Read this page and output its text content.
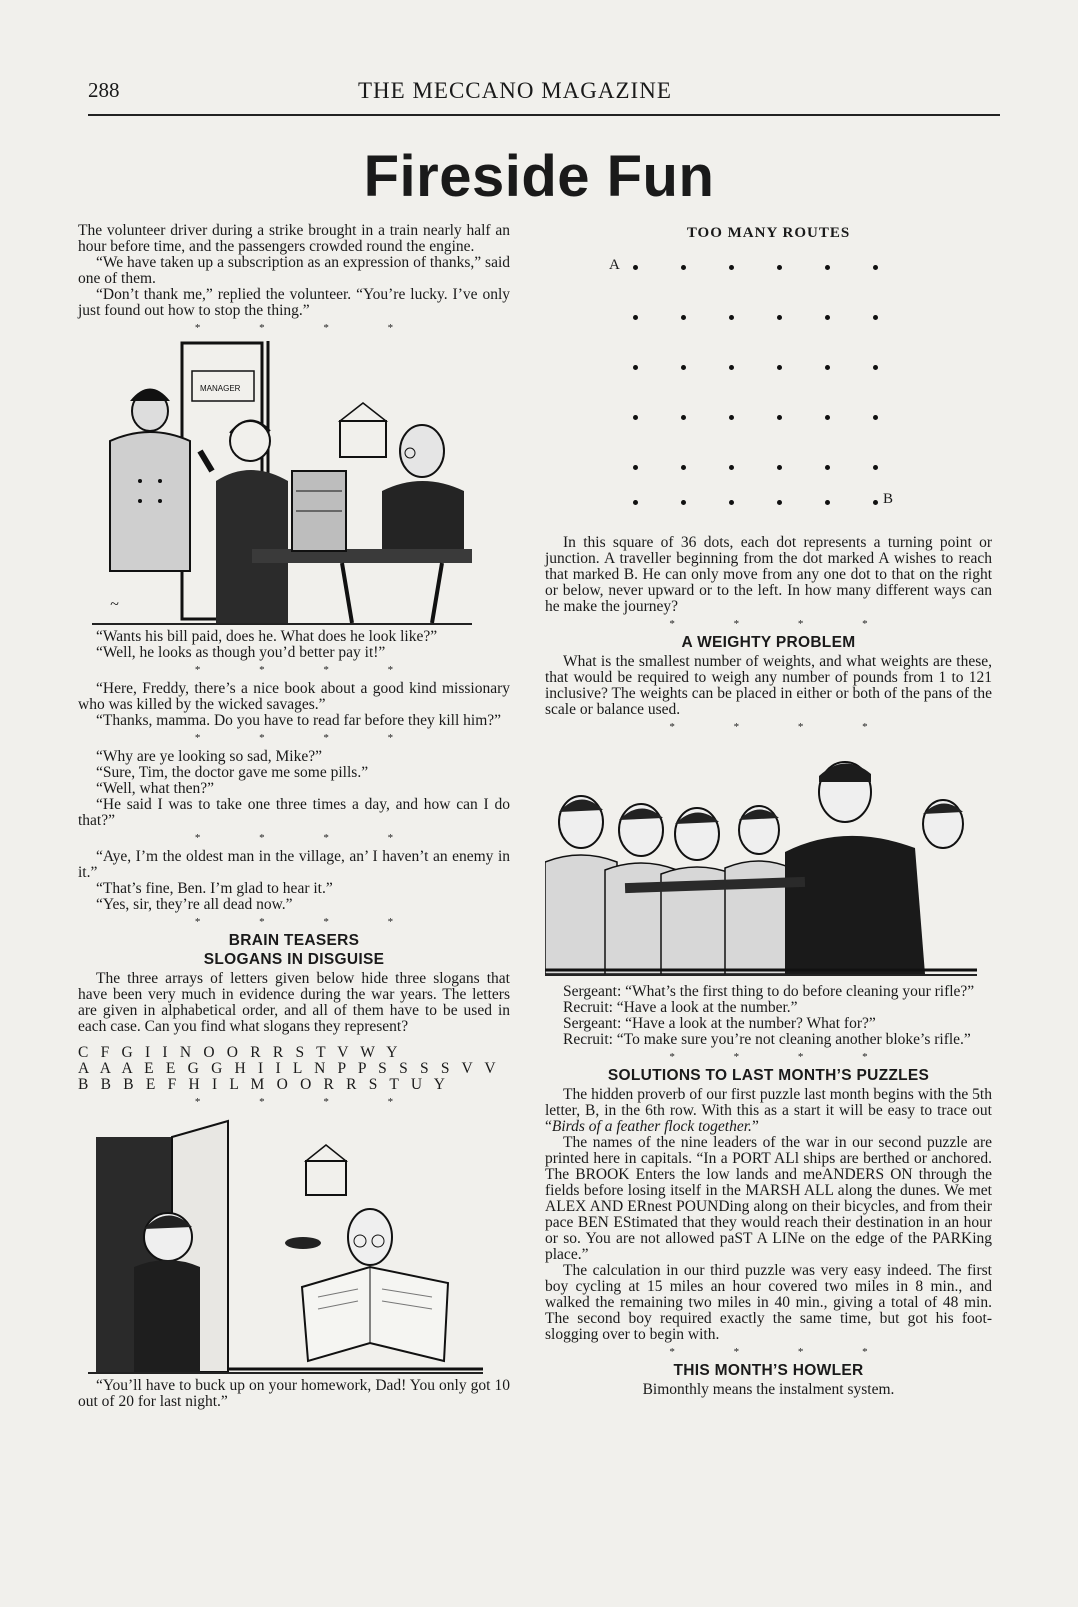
288	THE MECCANO MAGAZINE
Fireside Fun

The volunteer driver during a strike brought in a train nearly half an hour before time, and the passengers crowded round the engine.

“We have taken up a subscription as an expression of thanks,” said one of them.

“Don’t thank me,” replied the volunteer. “You’re lucky. I’ve only just found out how to stop the thing.”

* * * *
MANAGER
~

“Wants his bill paid, does he. What does he look like?”

“Well, he looks as though you’d better pay it!”

* * * *

“Here, Freddy, there’s a nice book about a good kind missionary who was killed by the wicked savages.”

“Thanks, mamma. Do you have to read far before they kill him?”

* * * *

“Why are ye looking so sad, Mike?”

“Sure, Tim, the doctor gave me some pills.”

“Well, what then?”

“He said I was to take one three times a day, and how can I do that?”

* * * *

“Aye, I’m the oldest man in the village, an’ I haven’t an enemy in it.”

“That’s fine, Ben. I’m glad to hear it.”

“Yes, sir, they’re all dead now.”

* * * *
BRAIN TEASERS
SLOGANS IN DISGUISE

The three arrays of letters given below hide three slogans that have been very much in evidence during the war years. The letters are given in alphabetical order, and all of them have to be used in each case. Can you find what slogans they represent?

C F G I I N O O R R S T V W Y
A A A E E G G H I I L N P P S S S S V V
B B B E F H I L M O O R R S T U Y
* * * *

“You’ll have to buck up on your homework, Dad! You only got 10 out of 20 for last night.”

TOO MANY ROUTES
A
B

In this square of 36 dots, each dot represents a turning point or junction. A traveller beginning from the dot marked A wishes to reach that marked B. He can only move from any one dot to that on the right or below, never upward or to the left. In how many different ways can he make the journey?

* * * *
A WEIGHTY PROBLEM

What is the smallest number of weights, and what weights are these, that would be required to weigh any number of pounds from 1 to 121 inclusive? The weights can be placed in either or both of the pans of the scale or balance used.

* * * *

Sergeant: “What’s the first thing to do before cleaning your rifle?”

Recruit: “Have a look at the number.”

Sergeant: “Have a look at the number? What for?”

Recruit: “To make sure you’re not cleaning another bloke’s rifle.”

* * * *
SOLUTIONS TO LAST MONTH’S PUZZLES

The hidden proverb of our first puzzle last month begins with the 5th letter, B, in the 6th row. With this as a start it will be easy to trace out “Birds of a feather flock together.”

The names of the nine leaders of the war in our second puzzle are printed here in capitals. “In a PORT ALl ships are berthed or anchored. The BROOK Enters the low lands and meANDERS ON through the fields before losing itself in the MARSH ALL along the dunes. We met ALEX AND ERnest POUNDing along on their bicycles, and from their pace BEN EStimated that they would reach their destination in an hour or so. You are not allowed paST A LINe on the edge of the PARKing place.”

The calculation in our third puzzle was very easy indeed. The first boy cycling at 15 miles an hour covered two miles in 8 min., and walked the remaining two miles in 40 min., giving a total of 48 min. The second boy required exactly the same time, but got his foot-slogging over to begin with.

* * * *
THIS MONTH’S HOWLER

Bimonthly means the instalment system.
